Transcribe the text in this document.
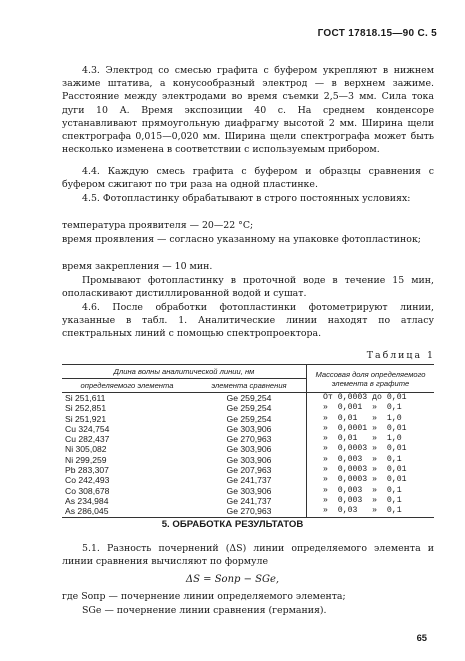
ГОСТ 17818.15—90 С. 5
4.3. Электрод со смесью графита с буфером укрепляют в нижнем зажиме штатива, а конусообразный электрод — в верхнем зажиме. Расстояние между электродами во время съемки 2,5—3 мм. Сила тока дуги 10 А. Время экспозиции 40 с. На среднем конденсоре устанавливают прямоугольную диафрагму высотой 2 мм. Ширина щели спектрографа 0,015—0,020 мм. Ширина щели спектрографа может быть несколько изменена в соответствии с используемым прибором.
4.4. Каждую смесь графита с буфером и образцы сравнения с буфером сжигают по три раза на одной пластинке.
4.5. Фотопластинку обрабатывают в строго постоянных условиях:
температура проявителя — 20—22 °С;
время проявления — согласно указанному на упаковке фотопластинок;
время закрепления — 10 мин.
Промывают фотопластинку в проточной воде в течение 15 мин, ополаскивают дистиллированной водой и сушат.
4.6. После обработки фотопластинки фотометрируют линии, указанные в табл. 1. Аналитические линии находят по атласу спектральных линий с помощью спектропроектора.
Таблица 1
Длина волны аналитической линии, нм		Массовая доля определяемого элемента в графите
определяемого элемента	элемента сравнения	
Si 251,611	Ge 259,254	От 0,0003 до 0,01
Si 252,851	Ge 259,254	»  0,001  »  0,1
Si 251,921	Ge 259,254	»  0,01   »  1,0
Cu 324,754	Ge 303,906	»  0,0001 »  0,01
Cu 282,437	Ge 270,963	»  0,01   »  1,0
Ni 305,082	Ge 303,906	»  0,0003 »  0,01
Ni 299,259	Ge 303,906	»  0,003  »  0,1
Pb 283,307	Ge 207,963	»  0,0003 »  0,01
Co 242,493	Ge 241,737	»  0,0003 »  0,01
Co 308,678	Ge 303,906	»  0,003  »  0,1
As 234,984	Ge 241,737	»  0,003  »  0,1
As 286,045	Ge 270,963	»  0,03   »  0,1
5. ОБРАБОТКА РЕЗУЛЬТАТОВ
5.1. Разность почернений (ΔS) линии определяемого элемента и линии сравнения вычисляют по формуле
ΔS = Sопр − SGe,
где Sопр — почернение линии определяемого элемента;
SGe — почернение линии сравнения (германия).
65
